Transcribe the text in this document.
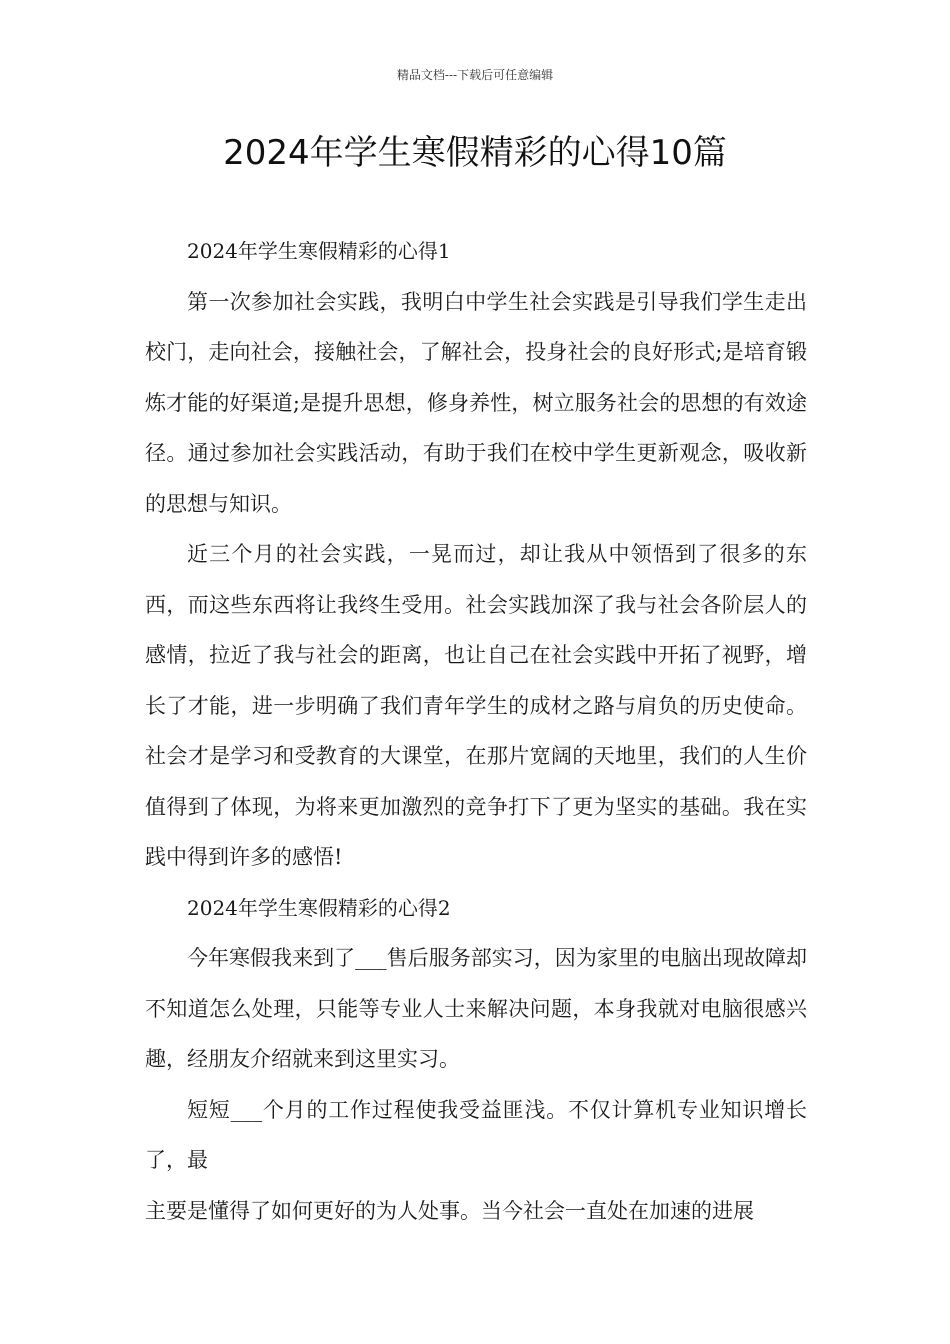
精品文档---下载后可任意编辑
2024年学生寒假精彩的心得10篇

2024年学生寒假精彩的心得1

第一次参加社会实践，我明白中学生社会实践是引导我们学生走出校门，走向社会，接触社会，了解社会，投身社会的良好形式;是培育锻炼才能的好渠道;是提升思想，修身养性，树立服务社会的思想的有效途径。通过参加社会实践活动，有助于我们在校中学生更新观念，吸收新的思想与知识。

近三个月的社会实践，一晃而过，却让我从中领悟到了很多的东西，而这些东西将让我终生受用。社会实践加深了我与社会各阶层人的感情，拉近了我与社会的距离，也让自己在社会实践中开拓了视野，增长了才能，进一步明确了我们青年学生的成材之路与肩负的历史使命。社会才是学习和受教育的大课堂，在那片宽阔的天地里，我们的人生价值得到了体现，为将来更加激烈的竞争打下了更为坚实的基础。我在实践中得到许多的感悟!

2024年学生寒假精彩的心得2

今年寒假我来到了___售后服务部实习，因为家里的电脑出现故障却不知道怎么处理，只能等专业人士来解决问题，本身我就对电脑很感兴趣，经朋友介绍就来到这里实习。

短短___个月的工作过程使我受益匪浅。不仅计算机专业知识增长了，最

主要是懂得了如何更好的为人处事。当今社会一直处在加速的进展
